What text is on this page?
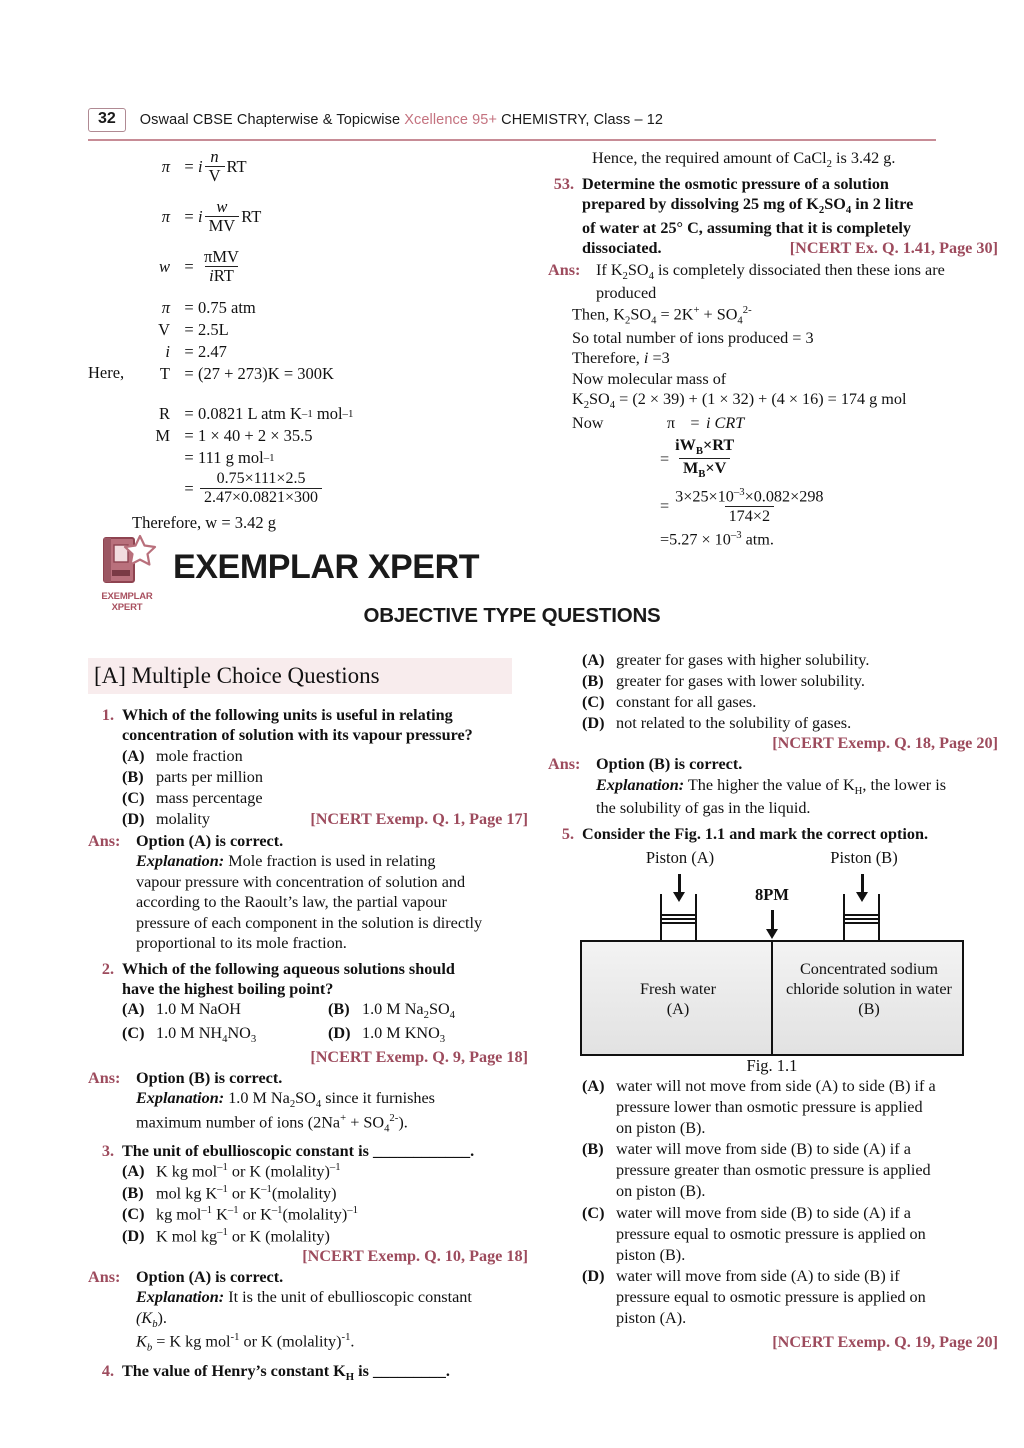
32	Oswaal CBSE Chapterwise & Topicwise Xcellence 95+ CHEMISTRY, Class – 12
π = i $\frac{n}{V}$ RT
π = i $\frac{w}{MV}$ RT
$w = \frac{\text{πMV}}{\text{iRT}}$
π = 0.75 atm
V = 2.5L
i = 2.47
T = (27 + 273)K = 300K
R = 0.0821 L atm K –1
mol –1
M = 1 × 40 + 2 × 35.5
= 111 g mol –1
= $\frac{0.75\times 111\times 2.5}{2.47\times 0.0821\times 300}$
Here,
Therefore, w = 3.42 g
Hence, the required amount of CaCl$_2$ is 3.42 g.
53. Determine the osmotic pressure of a solution
prepared by dissolving 25 mg of $K_2SO_4$ in 2 litre
of water at 25° C, assuming that it is completely
dissociated.	[NCERT Ex. Q. 1.41, Page 30]
Ans: If $K_2SO_4$ is completely dissociated then these ions are
produced
Then, $K_2SO_4 = 2K^+ + SO_4^{2-}$
So total number of ions produced = 3
Therefore, i =3
Now molecular mass of
$K_2SO_4 = (2 \times 39) + (1 \times 32) + (4 \times 16) = 174$ g mol
Now	π = i CRT
= $\frac{iW_B\times RT}{M_B\times V}$
= $\frac{3\times 25\times 10^{-3}\times 0.082\times 298}{174\times 2}$
$=5.27 \times 10^{-3}$ atm.
EXEMPLAR
XPERT
EXEMPLAR XPERT
OBJECTIVE TYPE QUESTIONS
[A] Multiple Choice Questions
1. Which of the following units is useful in relating
concentration of solution with its vapour pressure?
(A) mole fraction
(B) parts per million
(C) mass percentage
(D) molality	[NCERT Exemp. Q. 1, Page 17]
Ans: Option (A) is correct.
Explanation: Mole fraction is used in relating
vapour pressure with concentration of solution and
according to the Raoult’s law, the partial vapour
pressure of each component in the solution is directly
proportional to its mole fraction.
2. Which of the following aqueous solutions should
have the highest boiling point?
(A) 1.0 M NaOH	(B) 1.0 M $Na_2SO_4$
(C) 1.0 M $NH_4NO_3$	(D) 1.0 M $KNO_3$
[NCERT Exemp. Q. 9, Page 18]
Ans: Option (B) is correct.
Explanation: 1.0 M $Na_2SO_4$ since it furnishes
maximum number of ions $(2Na^+ + SO_4^{2-})$.
3. The unit of ebullioscopic constant is ____________.
(A) K kg mol$^{-1}$ or K (molality)$^{-1}$
(B) mol kg $K^{-1}$ or $K^{-1}(molality)$
(C) kg mol$^{-1}$ $K^{-1}$ or $K^{-1}(molality)^{-1}$
(D) K mol $kg^{-1}$ or K (molality)
[NCERT Exemp. Q. 10, Page 18]
Ans: Option (A) is correct.
Explanation: It is the unit of ebullioscopic constant
$(K_b)$.
$K_b = K$ kg mol$^{-1}$ or K (molality)$^{-1}$.
4. The value of Henry’s constant $K_H$ is _________.
(A) greater for gases with higher solubility.
(B) greater for gases with lower solubility.
(C) constant for all gases.
(D) not related to the solubility of gases.
[NCERT Exemp. Q. 18, Page 20]
Ans: Option (B) is correct.
Explanation: The higher the value of $K_H$, the lower is
the solubility of gas in the liquid.
5. Consider the Fig. 1.1 and mark the correct option.
Piston (A)	Piston (B)
8PM
Fresh water
(A)
Concentrated sodium chloride solution in water (B)
Fig. 1.1
(A) water will not move from side (A) to side (B) if a
pressure lower than osmotic pressure is applied
on piston (B).
(B) water will move from side (B) to side (A) if a
pressure greater than osmotic pressure is applied
on piston (B).
(C) water will move from side (B) to side (A) if a
pressure equal to osmotic pressure is applied on
piston (B).
(D) water will move from side (A) to side (B) if
pressure equal to osmotic pressure is applied on
piston (A).
[NCERT Exemp. Q. 19, Page 20]
